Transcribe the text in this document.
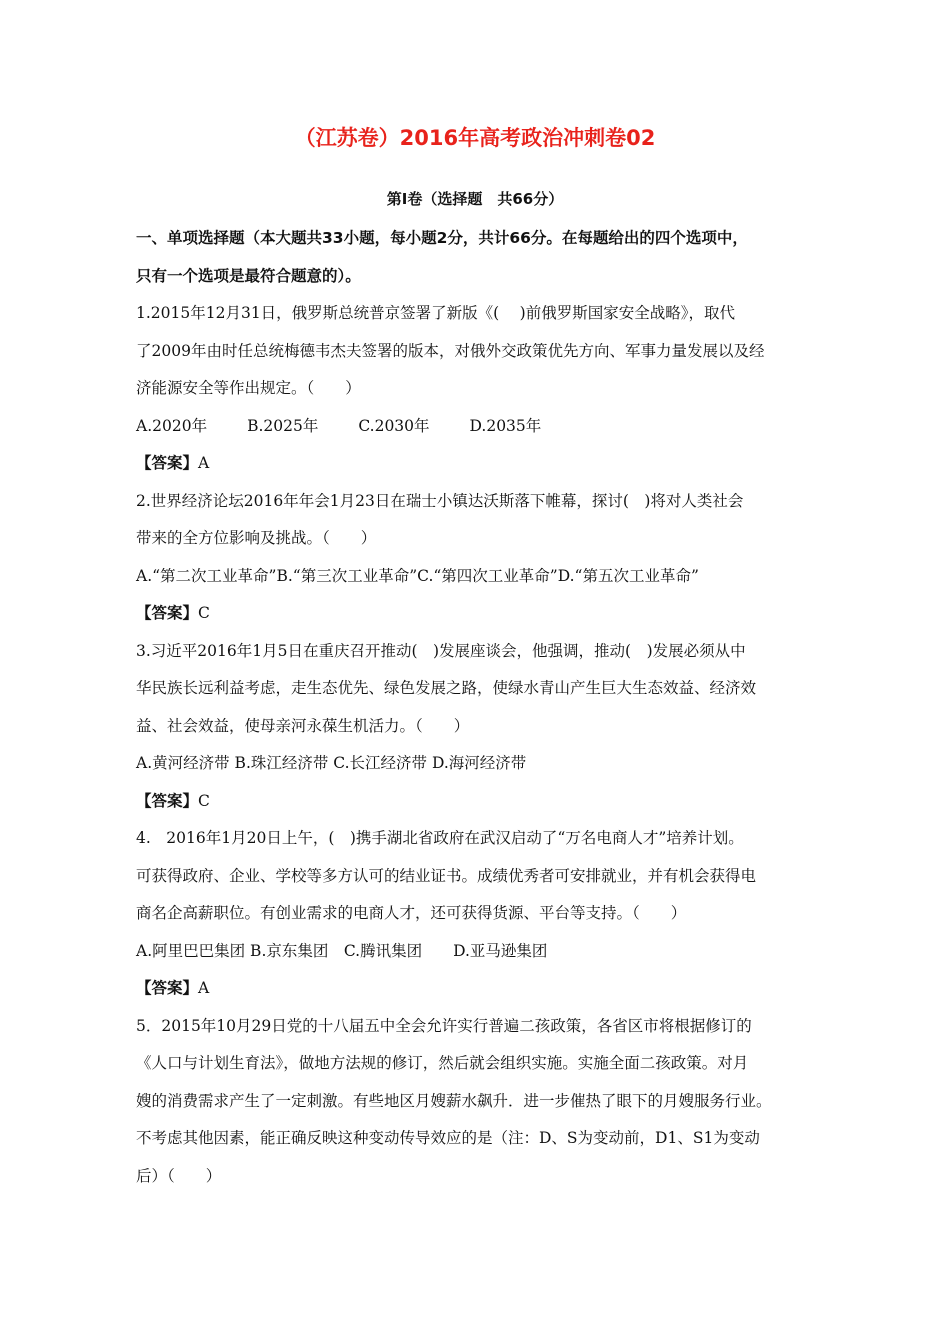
（江苏卷）2016年高考政治冲刺卷02
第I卷（选择题　共66分）
一、单项选择题（本大题共33小题，每小题2分，共计66分。在每题给出的四个选项中，
只有一个选项是最符合题意的）。
1.2015年12月31日，俄罗斯总统普京签署了新版《(　 )前俄罗斯国家安全战略》，取代
了2009年由时任总统梅德韦杰夫签署的版本，对俄外交政策优先方向、军事力量发展以及经
济能源安全等作出规定。（　　）
A.2020年	B.2025年	C.2030年	D.2035年
【答案】A
2.世界经济论坛2016年年会1月23日在瑞士小镇达沃斯落下帷幕，探讨(　)将对人类社会
带来的全方位影响及挑战。（　　）
A.“第二次工业革命”B.“第三次工业革命”C.“第四次工业革命”D.“第五次工业革命”
【答案】C
3.习近平2016年1月5日在重庆召开推动(　)发展座谈会，他强调，推动(　)发展必须从中
华民族长远利益考虑，走生态优先、绿色发展之路，使绿水青山产生巨大生态效益、经济效
益、社会效益，使母亲河永葆生机活力。（　　）
A.黄河经济带 B.珠江经济带 C.长江经济带 D.海河经济带
【答案】C
4.　2016年1月20日上午，(　)携手湖北省政府在武汉启动了“万名电商人才”培养计划。
可获得政府、企业、学校等多方认可的结业证书。成绩优秀者可安排就业，并有机会获得电
商名企高薪职位。有创业需求的电商人才，还可获得货源、平台等支持。（　　）
A.阿里巴巴集团 B.京东集团　C.腾讯集团　　D.亚马逊集团
【答案】A
5．2015年10月29日党的十八届五中全会允许实行普遍二孩政策，各省区市将根据修订的
《人口与计划生育法》，做地方法规的修订，然后就会组织实施。实施全面二孩政策。对月
嫂的消费需求产生了一定刺激。有些地区月嫂薪水飙升．进一步催热了眼下的月嫂服务行业。
不考虑其他因素，能正确反映这种变动传导效应的是（注：D、S为变动前，D1、S1为变动
后）（　　）
